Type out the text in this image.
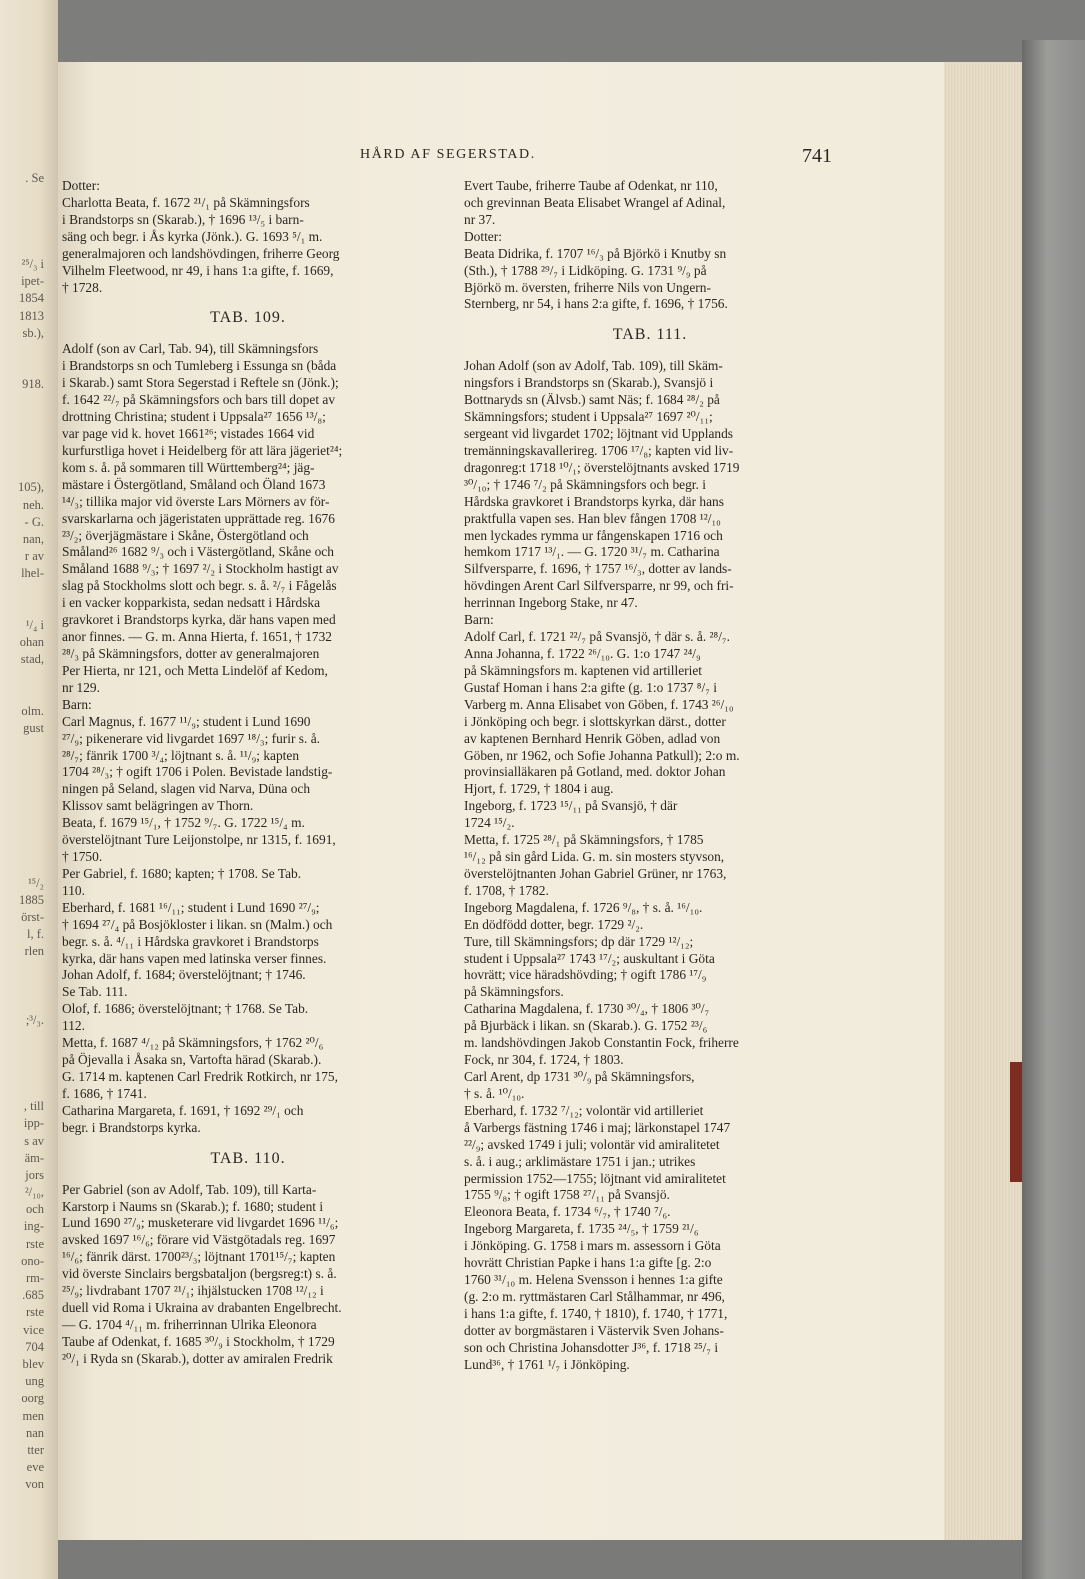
. Se
²⁵/₃ i
ipet-
1854
1813
sb.),
918.
105),
neh.
- G.
nan,
r av
lhel-
¹/₄ i
ohan
stad,
olm.
gust
¹⁵/₂
1885
örst-
l, f.
rlen
;³/₃.
, till
ipp-
s av
äm-
jors
²/₁₀,
och
ing-
rste
ono-
rm-
.685
rste
vice
704
blev
ung
oorg
men
nan
tter
eve
von
HÅRD AF SEGERSTAD.	741
Dotter:
Charlotta Beata, f. 1672 ²¹/₁ på Skämningsfors
i Brandstorps sn (Skarab.), † 1696 ¹³/₅ i barn-
säng och begr. i Ås kyrka (Jönk.). G. 1693 ⁵/₁ m.
generalmajoren och landshövdingen, friherre Georg
Vilhelm Fleetwood, nr 49, i hans 1:a gifte, f. 1669,
† 1728.
TAB. 109.
Adolf (son av Carl, Tab. 94), till Skämningsfors
i Brandstorps sn och Tumleberg i Essunga sn (båda
i Skarab.) samt Stora Segerstad i Reftele sn (Jönk.);
f. 1642 ²²/₇ på Skämningsfors och bars till dopet av
drottning Christina; student i Uppsala²⁷ 1656 ¹³/₈;
var page vid k. hovet 1661²⁶; vistades 1664 vid
kurfurstliga hovet i Heidelberg för att lära jägeriet²⁴;
kom s. å. på sommaren till Württemberg²⁴; jäg-
mästare i Östergötland, Småland och Öland 1673
¹⁴/₃; tillika major vid överste Lars Mörners av för-
svarskarlarna och jägeristaten upprättade reg. 1676
²³/₂; överjägmästare i Skåne, Östergötland och
Småland²⁶ 1682 ⁹/₃ och i Västergötland, Skåne och
Småland 1688 ⁹/₃; † 1697 ²/₂ i Stockholm hastigt av
slag på Stockholms slott och begr. s. å. ²/₇ i Fågelås
i en vacker kopparkista, sedan nedsatt i Hårdska
gravkoret i Brandstorps kyrka, där hans vapen med
anor finnes. — G. m. Anna Hierta, f. 1651, † 1732
²⁸/₃ på Skämningsfors, dotter av generalmajoren
Per Hierta, nr 121, och Metta Lindelöf af Kedom,
nr 129.
Barn:
Carl Magnus, f. 1677 ¹¹/₉; student i Lund 1690
²⁷/₉; pikenerare vid livgardet 1697 ¹⁸/₃; furir s. å.
²⁸/₇; fänrik 1700 ³/₄; löjtnant s. å. ¹¹/₉; kapten
1704 ²⁸/₃; † ogift 1706 i Polen. Bevistade landstig-
ningen på Seland, slagen vid Narva, Düna och
Klissov samt belägringen av Thorn.
Beata, f. 1679 ¹⁵/₁, † 1752 ⁹/₇. G. 1722 ¹⁵/₄ m.
överstelöjtnant Ture Leijonstolpe, nr 1315, f. 1691,
† 1750.
Per Gabriel, f. 1680; kapten; † 1708. Se Tab.
110.
Eberhard, f. 1681 ¹⁶/₁₁; student i Lund 1690 ²⁷/₉;
† 1694 ²⁷/₄ på Bosjökloster i likan. sn (Malm.) och
begr. s. å. ⁴/₁₁ i Hårdska gravkoret i Brandstorps
kyrka, där hans vapen med latinska verser finnes.
Johan Adolf, f. 1684; överstelöjtnant; † 1746.
Se Tab. 111.
Olof, f. 1686; överstelöjtnant; † 1768. Se Tab.
112.
Metta, f. 1687 ⁴/₁₂ på Skämningsfors, † 1762 ²⁰/₆
på Öjevalla i Åsaka sn, Vartofta härad (Skarab.).
G. 1714 m. kaptenen Carl Fredrik Rotkirch, nr 175,
f. 1686, † 1741.
Catharina Margareta, f. 1691, † 1692 ²⁹/₁ och
begr. i Brandstorps kyrka.
TAB. 110.
Per Gabriel (son av Adolf, Tab. 109), till Karta-
Karstorp i Naums sn (Skarab.); f. 1680; student i
Lund 1690 ²⁷/₉; musketerare vid livgardet 1696 ¹¹/₆;
avsked 1697 ¹⁶/₆; förare vid Västgötadals reg. 1697
¹⁶/₆; fänrik därst. 1700²³/₃; löjtnant 1701¹⁵/₇; kapten
vid överste Sinclairs bergsbataljon (bergsreg:t) s. å.
²⁵/₉; livdrabant 1707 ²¹/₁; ihjälstucken 1708 ¹²/₁₂ i
duell vid Roma i Ukraina av drabanten Engelbrecht.
— G. 1704 ⁴/₁₁ m. friherrinnan Ulrika Eleonora
Taube af Odenkat, f. 1685 ³⁰/₉ i Stockholm, † 1729
²⁰/₁ i Ryda sn (Skarab.), dotter av amiralen Fredrik
Evert Taube, friherre Taube af Odenkat, nr 110,
och grevinnan Beata Elisabet Wrangel af Adinal,
nr 37.
Dotter:
Beata Didrika, f. 1707 ¹⁶/₃ på Björkö i Knutby sn
(Sth.), † 1788 ²⁹/₇ i Lidköping. G. 1731 ⁹/₉ på
Björkö m. översten, friherre Nils von Ungern-
Sternberg, nr 54, i hans 2:a gifte, f. 1696, † 1756.
TAB. 111.
Johan Adolf (son av Adolf, Tab. 109), till Skäm-
ningsfors i Brandstorps sn (Skarab.), Svansjö i
Bottnaryds sn (Älvsb.) samt Näs; f. 1684 ²⁸/₂ på
Skämningsfors; student i Uppsala²⁷ 1697 ²⁰/₁₁;
sergeant vid livgardet 1702; löjtnant vid Upplands
tremänningskavallerireg. 1706 ¹⁷/₈; kapten vid liv-
dragonreg:t 1718 ¹⁰/₁; överstelöjtnants avsked 1719
³⁰/₁₀; † 1746 ⁷/₂ på Skämningsfors och begr. i
Hårdska gravkoret i Brandstorps kyrka, där hans
praktfulla vapen ses. Han blev fången 1708 ¹²/₁₀
men lyckades rymma ur fångenskapen 1716 och
hemkom 1717 ¹³/₁. — G. 1720 ³¹/₇ m. Catharina
Silfversparre, f. 1696, † 1757 ¹⁶/₃, dotter av lands-
hövdingen Arent Carl Silfversparre, nr 99, och fri-
herrinnan Ingeborg Stake, nr 47.
Barn:
Adolf Carl, f. 1721 ²²/₇ på Svansjö, † där s. å. ²⁸/₇.
Anna Johanna, f. 1722 ²⁶/₁₀. G. 1:o 1747 ²⁴/₉
på Skämningsfors m. kaptenen vid artilleriet
Gustaf Homan i hans 2:a gifte (g. 1:o 1737 ⁸/₇ i
Varberg m. Anna Elisabet von Göben, f. 1743 ²⁶/₁₀
i Jönköping och begr. i slottskyrkan därst., dotter
av kaptenen Bernhard Henrik Göben, adlad von
Göben, nr 1962, och Sofie Johanna Patkull); 2:o m.
provinsialläkaren på Gotland, med. doktor Johan
Hjort, f. 1729, † 1804 i aug.
Ingeborg, f. 1723 ¹⁵/₁₁ på Svansjö, † där
1724 ¹⁵/₂.
Metta, f. 1725 ²⁸/₁ på Skämningsfors, † 1785
¹⁶/₁₂ på sin gård Lida. G. m. sin mosters styvson,
överstelöjtnanten Johan Gabriel Grüner, nr 1763,
f. 1708, † 1782.
Ingeborg Magdalena, f. 1726 ⁹/₈, † s. å. ¹⁶/₁₀.
En dödfödd dotter, begr. 1729 ²/₂.
Ture, till Skämningsfors; dp där 1729 ¹²/₁₂;
student i Uppsala²⁷ 1743 ¹⁷/₂; auskultant i Göta
hovrätt; vice häradshövding; † ogift 1786 ¹⁷/₉
på Skämningsfors.
Catharina Magdalena, f. 1730 ³⁰/₄, † 1806 ³⁰/₇
på Bjurbäck i likan. sn (Skarab.). G. 1752 ²³/₆
m. landshövdingen Jakob Constantin Fock, friherre
Fock, nr 304, f. 1724, † 1803.
Carl Arent, dp 1731 ³⁰/₉ på Skämningsfors,
† s. å. ¹⁰/₁₀.
Eberhard, f. 1732 ⁷/₁₂; volontär vid artilleriet
å Varbergs fästning 1746 i maj; lärkonstapel 1747
²²/₉; avsked 1749 i juli; volontär vid amiralitetet
s. å. i aug.; arklimästare 1751 i jan.; utrikes
permission 1752—1755; löjtnant vid amiralitetet
1755 ⁹/₈; † ogift 1758 ²⁷/₁₁ på Svansjö.
Eleonora Beata, f. 1734 ⁶/₇, † 1740 ⁷/₆.
Ingeborg Margareta, f. 1735 ²⁴/₅, † 1759 ²¹/₆
i Jönköping. G. 1758 i mars m. assessorn i Göta
hovrätt Christian Papke i hans 1:a gifte [g. 2:o
1760 ³¹/₁₀ m. Helena Svensson i hennes 1:a gifte
(g. 2:o m. ryttmästaren Carl Stålhammar, nr 496,
i hans 1:a gifte, f. 1740, † 1810), f. 1740, † 1771,
dotter av borgmästaren i Västervik Sven Johans-
son och Christina Johansdotter J³⁶, f. 1718 ²⁵/₇ i
Lund³⁶, † 1761 ¹/₇ i Jönköping.
